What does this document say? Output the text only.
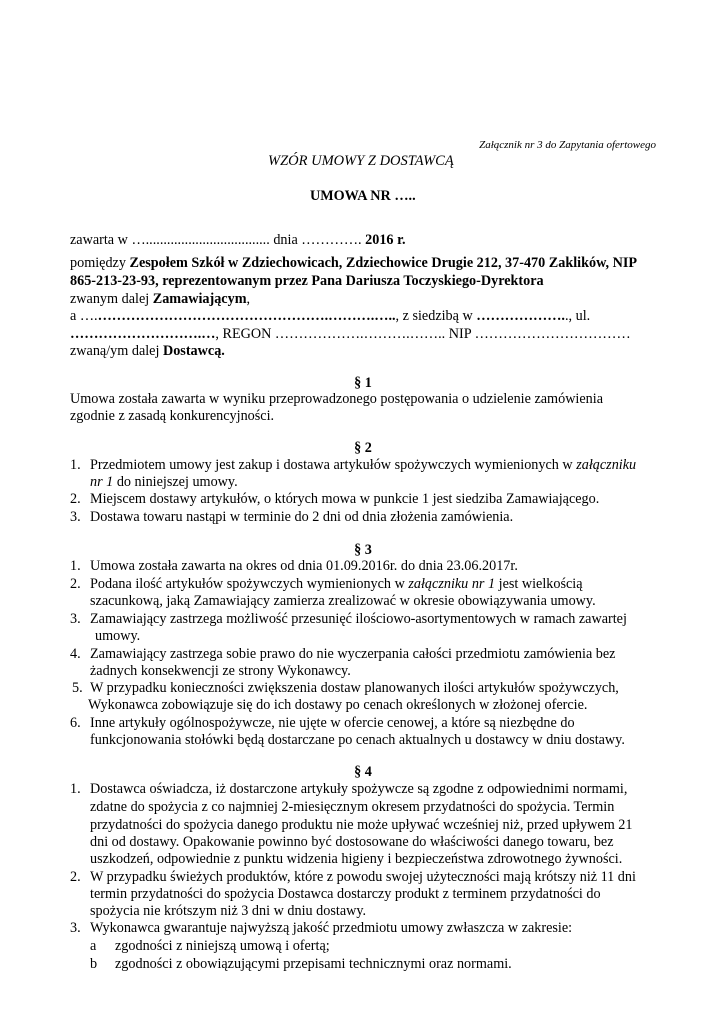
Załącznik nr 3 do Zapytania ofertowego
WZÓR UMOWY Z DOSTAWCĄ
UMOWA NR …..
zawarta w …................................... dnia …………. 2016 r.
pomiędzy Zespołem Szkół w Zdziechowicach, Zdziechowice Drugie 212, 37-470 Zaklików, NIP
865-213-23-93, reprezentowanym przez Pana Dariusza Toczyskiego-Dyrektora
zwanym dalej Zamawiającym,
a ….………………………………………….……….….., z siedzibą w ……………….., ul.
……………………….…, REGON ……………….……….…….. NIP ……………………………
zwaną/ym dalej Dostawcą.
§ 1
Umowa została zawarta w wyniku przeprowadzonego postępowania o udzielenie zamówienia
zgodnie z zasadą konkurencyjności.
§ 2
1. Przedmiotem umowy jest zakup i dostawa artykułów spożywczych wymienionych w załączniku
nr 1 do niniejszej umowy.
2. Miejscem dostawy artykułów, o których mowa w punkcie 1 jest siedziba Zamawiającego.
3. Dostawa towaru nastąpi w terminie do 2 dni od dnia złożenia zamówienia.
§ 3
1. Umowa została zawarta na okres od dnia 01.09.2016r. do dnia 23.06.2017r.
2. Podana ilość artykułów spożywczych wymienionych w załączniku nr 1 jest wielkością
szacunkową, jaką Zamawiający zamierza zrealizować w okresie obowiązywania umowy.
3. Zamawiający zastrzega możliwość przesunięć ilościowo-asortymentowych w ramach zawartej
umowy.
4. Zamawiający zastrzega sobie prawo do nie wyczerpania całości przedmiotu zamówienia bez
żadnych konsekwencji ze strony Wykonawcy.
5. W przypadku konieczności zwiększenia dostaw planowanych ilości artykułów spożywczych,
Wykonawca zobowiązuje się do ich dostawy po cenach określonych w złożonej ofercie.
6. Inne artykuły ogólnospożywcze, nie ujęte w ofercie cenowej, a które są niezbędne do
funkcjonowania stołówki będą dostarczane po cenach aktualnych u dostawcy w dniu dostawy.
§ 4
1. Dostawca oświadcza, iż dostarczone artykuły spożywcze są zgodne z odpowiednimi normami,
zdatne do spożycia z co najmniej 2-miesięcznym okresem przydatności do spożycia. Termin
przydatności do spożycia danego produktu nie może upływać wcześniej niż, przed upływem 21
dni od dostawy. Opakowanie powinno być dostosowane do właściwości danego towaru, bez
uszkodzeń, odpowiednie z punktu widzenia higieny i bezpieczeństwa zdrowotnego żywności.
2. W przypadku świeżych produktów, które z powodu swojej użyteczności mają krótszy niż 11 dni
termin przydatności do spożycia Dostawca dostarczy produkt z terminem przydatności do
spożycia nie krótszym niż 3 dni w dniu dostawy.
3. Wykonawca gwarantuje najwyższą jakość przedmiotu umowy zwłaszcza w zakresie:
a	zgodności z niniejszą umową i ofertą;
b	zgodności z obowiązującymi przepisami technicznymi oraz normami.
